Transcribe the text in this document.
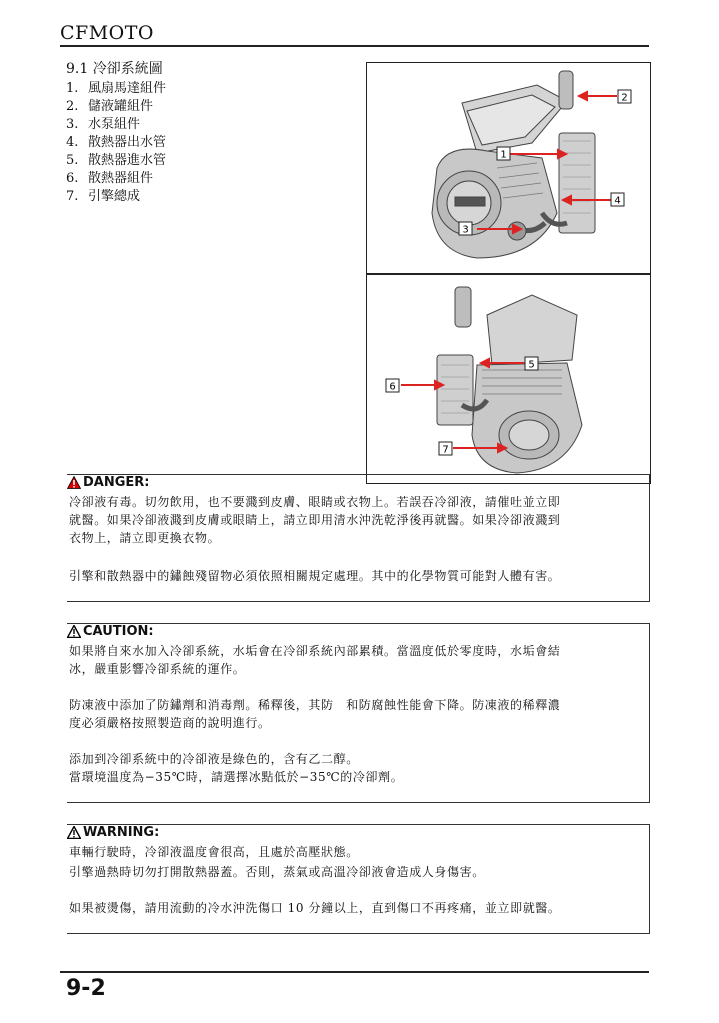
CFMOTO
9.1 冷卻系統圖
1. 風扇馬達組件
2. 儲液罐組件
3. 水泵組件
4. 散熱器出水管
5. 散熱器進水管
6. 散熱器組件
7. 引擎總成
1
2
3
4
5
6
7
DANGER:
冷卻液有毒。切勿飲用，也不要濺到皮膚、眼睛或衣物上。若誤吞冷卻液，請催吐並立即
就醫。如果冷卻液濺到皮膚或眼睛上，請立即用清水沖洗乾淨後再就醫。如果冷卻液濺到
衣物上，請立即更換衣物。
引擎和散熱器中的鏽蝕殘留物必須依照相關規定處理。其中的化學物質可能對人體有害。
CAUTION:
如果將自來水加入冷卻系統，水垢會在冷卻系統內部累積。當溫度低於零度時，水垢會結
冰，嚴重影響冷卻系統的運作。
防凍液中添加了防鏽劑和消毒劑。稀釋後，其防　和防腐蝕性能會下降。防凍液的稀釋濃
度必須嚴格按照製造商的說明進行。
添加到冷卻系統中的冷卻液是綠色的，含有乙二醇。
當環境溫度為−35℃時，請選擇冰點低於−35℃的冷卻劑。
WARNING:
車輛行駛時，冷卻液溫度會很高，且處於高壓狀態。
引擎過熱時切勿打開散熱器蓋。否則，蒸氣或高溫冷卻液會造成人身傷害。
如果被燙傷，請用流動的冷水沖洗傷口 10 分鐘以上，直到傷口不再疼痛，並立即就醫。
9-2
